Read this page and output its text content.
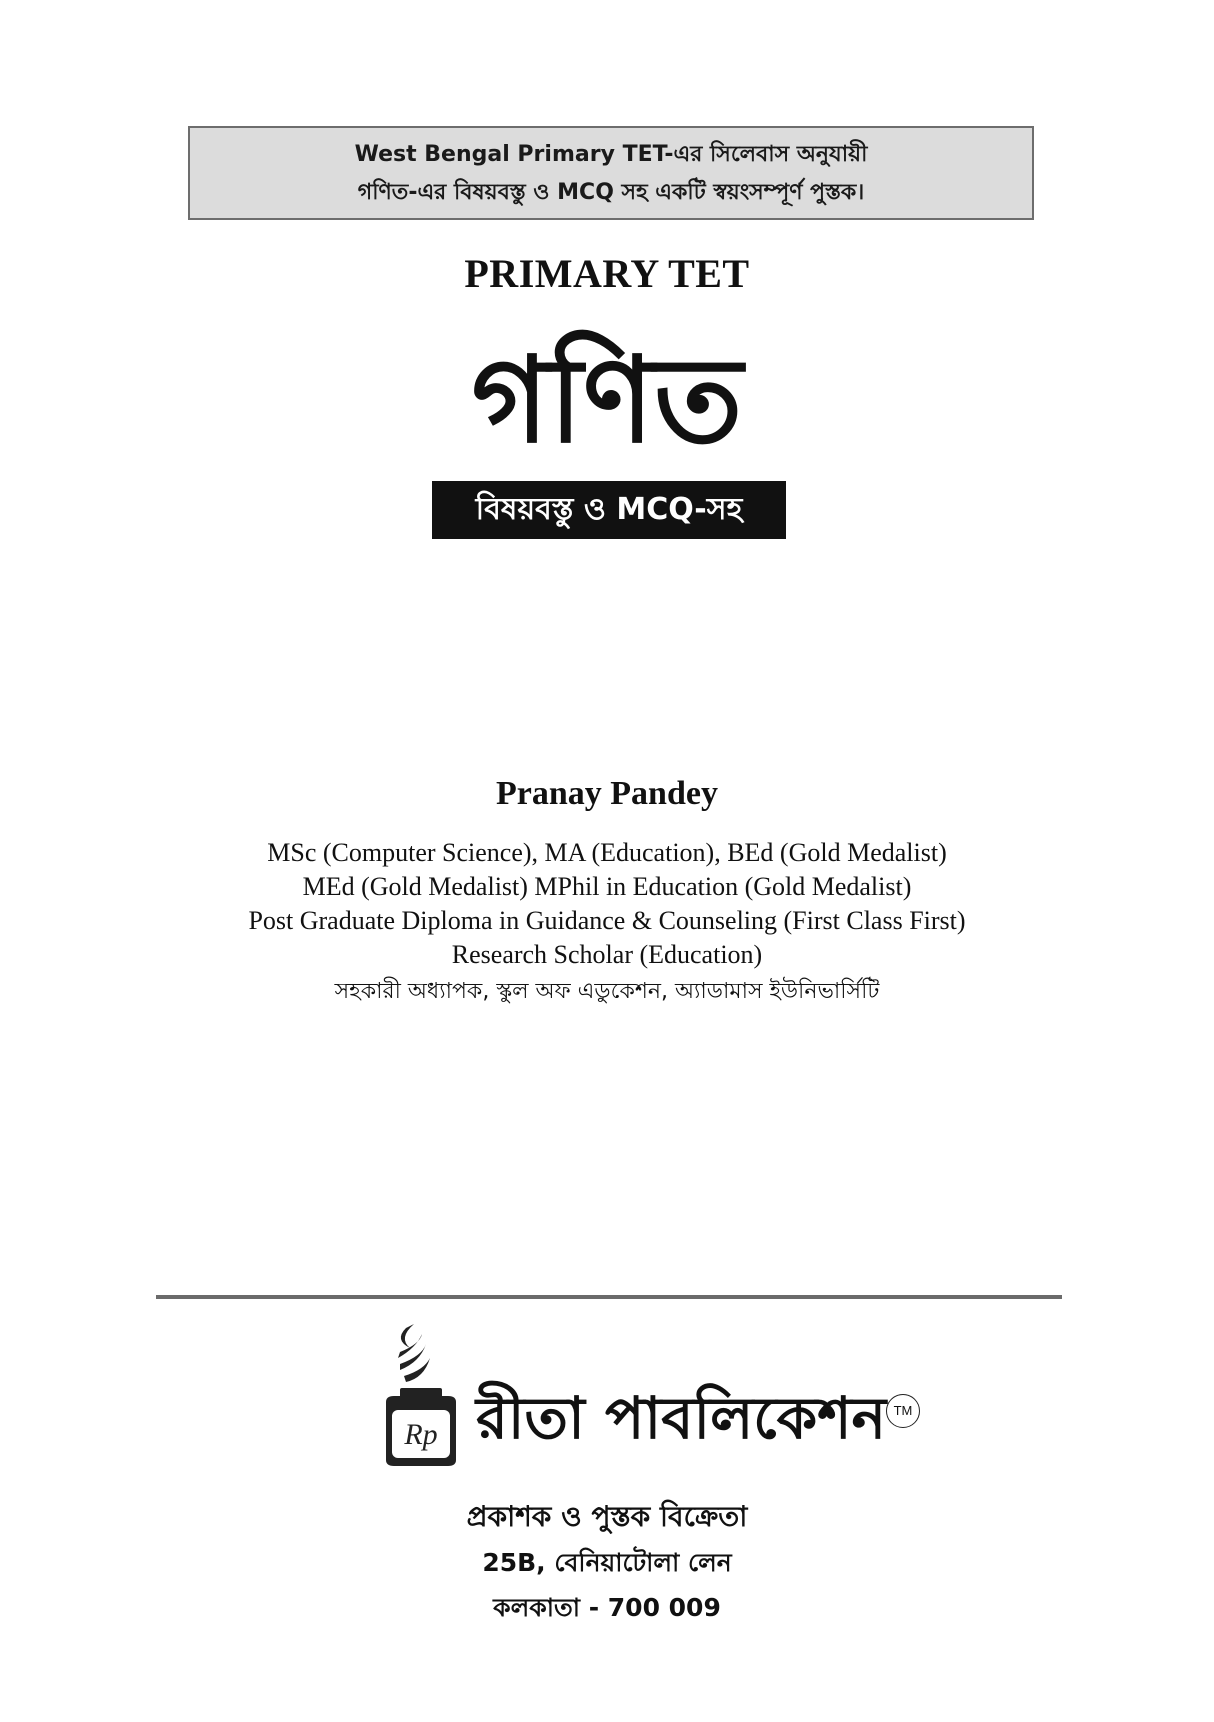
West Bengal Primary TET-এর সিলেবাস অনুযায়ী
গণিত-এর বিষয়বস্তু ও MCQ সহ একটি স্বয়ংসম্পূর্ণ পুস্তক।
PRIMARY TET
গণিত
বিষয়বস্তু ও MCQ-সহ
Pranay Pandey
MSc (Computer Science), MA (Education), BEd (Gold Medalist)
MEd (Gold Medalist) MPhil in Education (Gold Medalist)
Post Graduate Diploma in Guidance & Counseling (First Class First)
Research Scholar (Education)
সহকারী অধ্যাপক, স্কুল অফ এডুকেশন, অ্যাডামাস ইউনিভার্সিটি
Rp রীতা পাবলিকেশন TM
প্রকাশক ও পুস্তক বিক্রেতা
25B, বেনিয়াটোলা লেন
কলকাতা - 700 009
